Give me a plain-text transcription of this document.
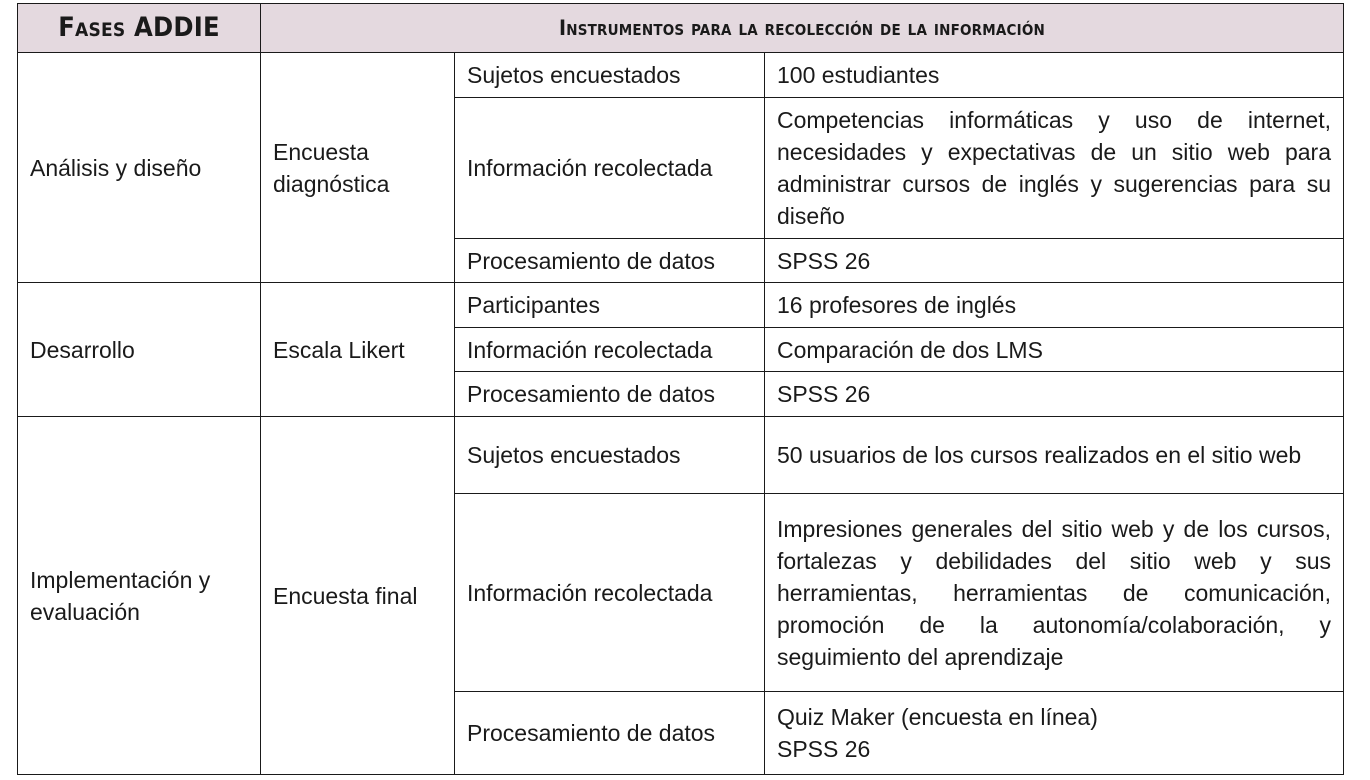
Fases ADDIE	Instrumentos para la recolección de la información		
Análisis y diseño	Encuesta diagnóstica	Sujetos encuestados	100 estudiantes
		Información recolectada	Competencias informáticas y uso de internet, necesidades y expectativas de un sitio web para administrar cursos de inglés y sugerencias para su diseño
		Procesamiento de datos	SPSS 26
Desarrollo	Escala Likert	Participantes	16 profesores de inglés
		Información recolectada	Comparación de dos LMS
		Procesamiento de datos	SPSS 26
Implementación y evaluación	Encuesta final	Sujetos encuestados	50 usuarios de los cursos realizados en el sitio web
		Información recolectada	Impresiones generales del sitio web y de los cursos, fortalezas y debilidades del sitio web y sus herramientas, herramientas de comunicación, promoción de la autonomía/colaboración, y seguimiento del aprendizaje
		Procesamiento de datos	Quiz Maker (encuesta en línea)
SPSS 26
